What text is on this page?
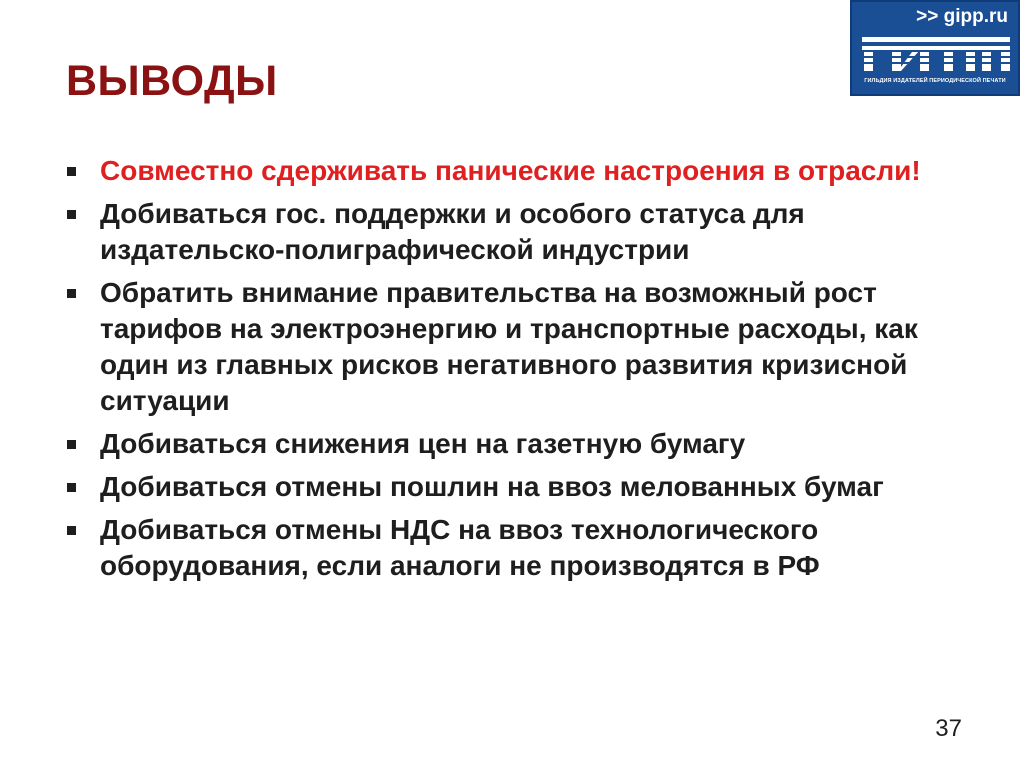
ВЫВОДЫ
>> gipp.ru
ГИЛЬДИЯ ИЗДАТЕЛЕЙ ПЕРИОДИЧЕСКОЙ ПЕЧАТИ
Совместно сдерживать панические настроения в отрасли!
Добиваться гос. поддержки и особого статуса для издательско-полиграфической индустрии
Обратить внимание правительства на возможный рост тарифов на электроэнергию и транспортные расходы, как один из главных рисков негативного развития кризисной ситуации
Добиваться снижения цен на газетную бумагу
Добиваться отмены пошлин на ввоз мелованных бумаг
Добиваться отмены НДС на ввоз технологического оборудования, если аналоги не производятся в РФ
37
